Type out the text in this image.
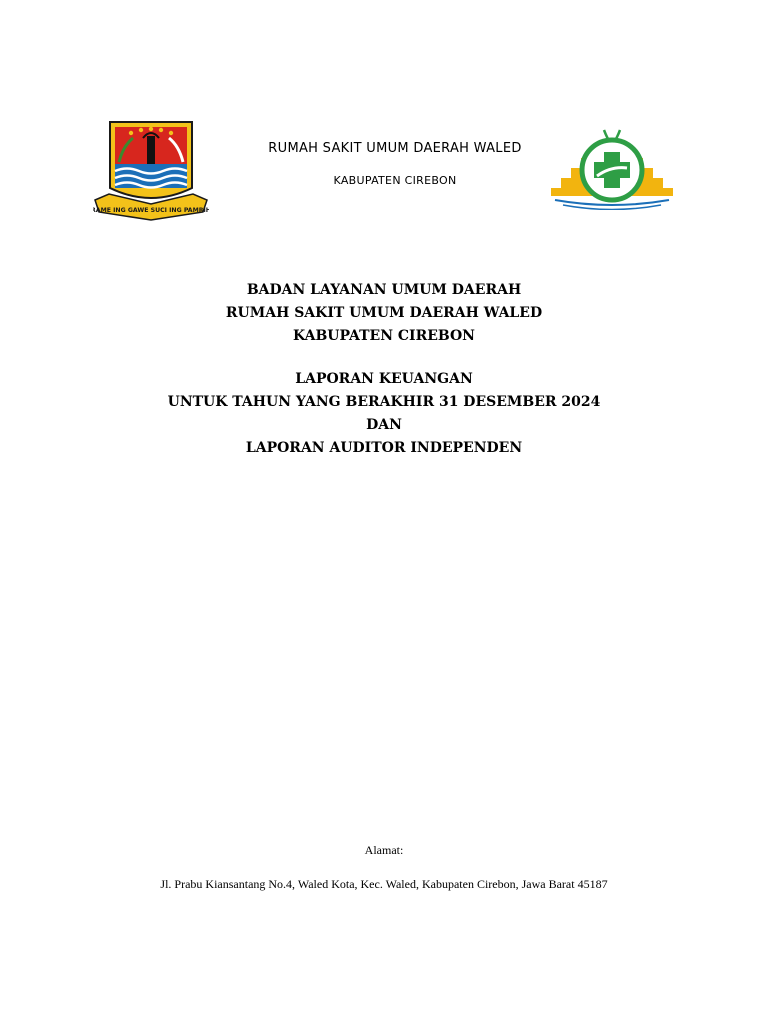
RAME ING GAWE SUCI ING PAMRIH
RUMAH SAKIT UMUM DAERAH WALED
KABUPATEN CIREBON
BADAN LAYANAN UMUM DAERAH
RUMAH SAKIT UMUM DAERAH WALED
KABUPATEN CIREBON
LAPORAN KEUANGAN
UNTUK TAHUN YANG BERAKHIR 31 DESEMBER 2024
DAN
LAPORAN AUDITOR INDEPENDEN
Alamat:
Jl. Prabu Kiansantang No.4, Waled Kota, Kec. Waled, Kabupaten Cirebon, Jawa Barat 45187
